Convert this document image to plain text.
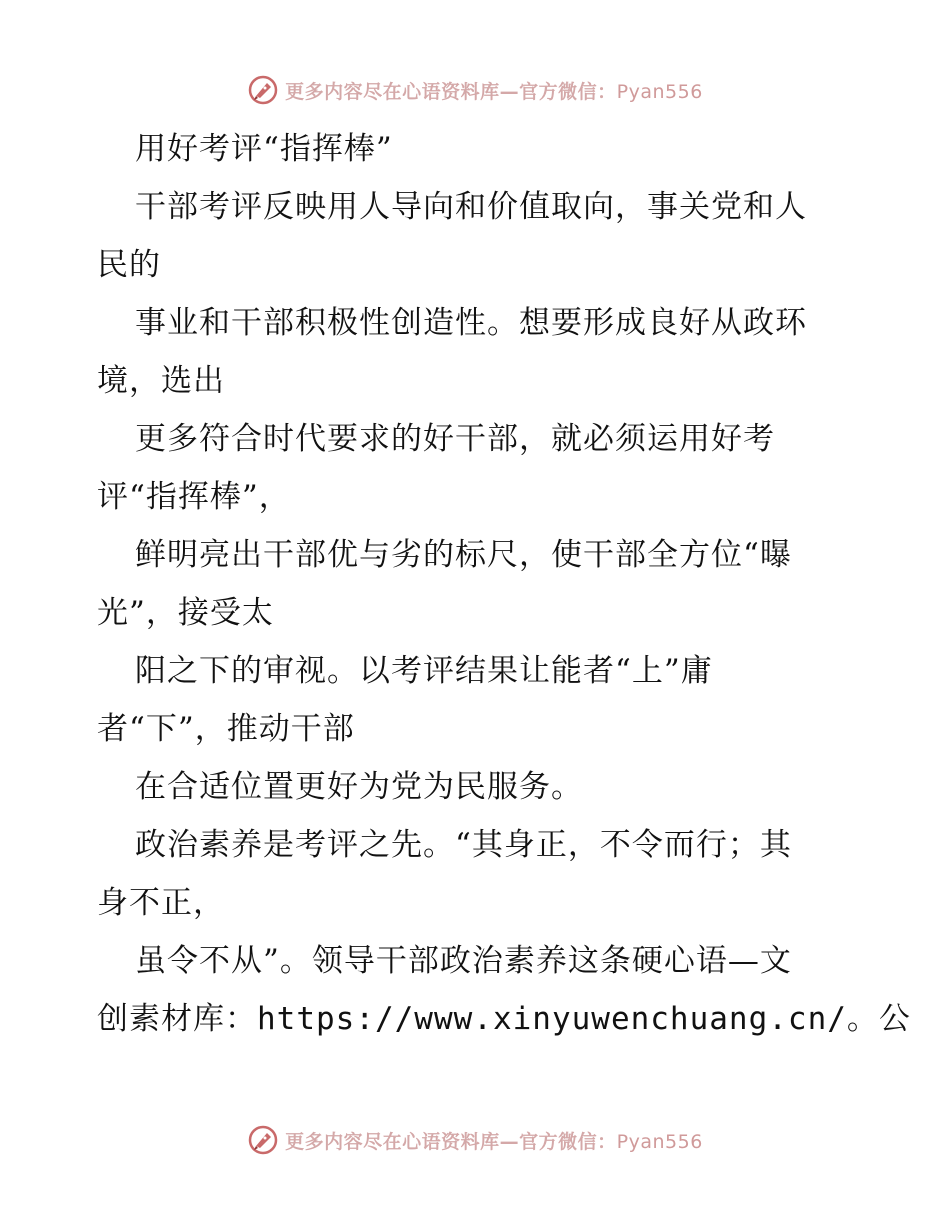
更多内容尽在心语资料库—官方微信：Pyan556
用好考评“指挥棒”
干部考评反映用人导向和价值取向，事关党和人
民的
事业和干部积极性创造性。想要形成良好从政环
境，选出
更多符合时代要求的好干部，就必须运用好考
评“指挥棒”，
鲜明亮出干部优与劣的标尺，使干部全方位“曝
光”，接受太
阳之下的审视。以考评结果让能者“上”庸
者“下”，推动干部
在合适位置更好为党为民服务。
政治素养是考评之先。“其身正，不令而行；其
身不正，
虽令不从”。领导干部政治素养这条硬心语—文
创素材库：https://www.xinyuwenchuang.cn/。公
更多内容尽在心语资料库—官方微信：Pyan556
